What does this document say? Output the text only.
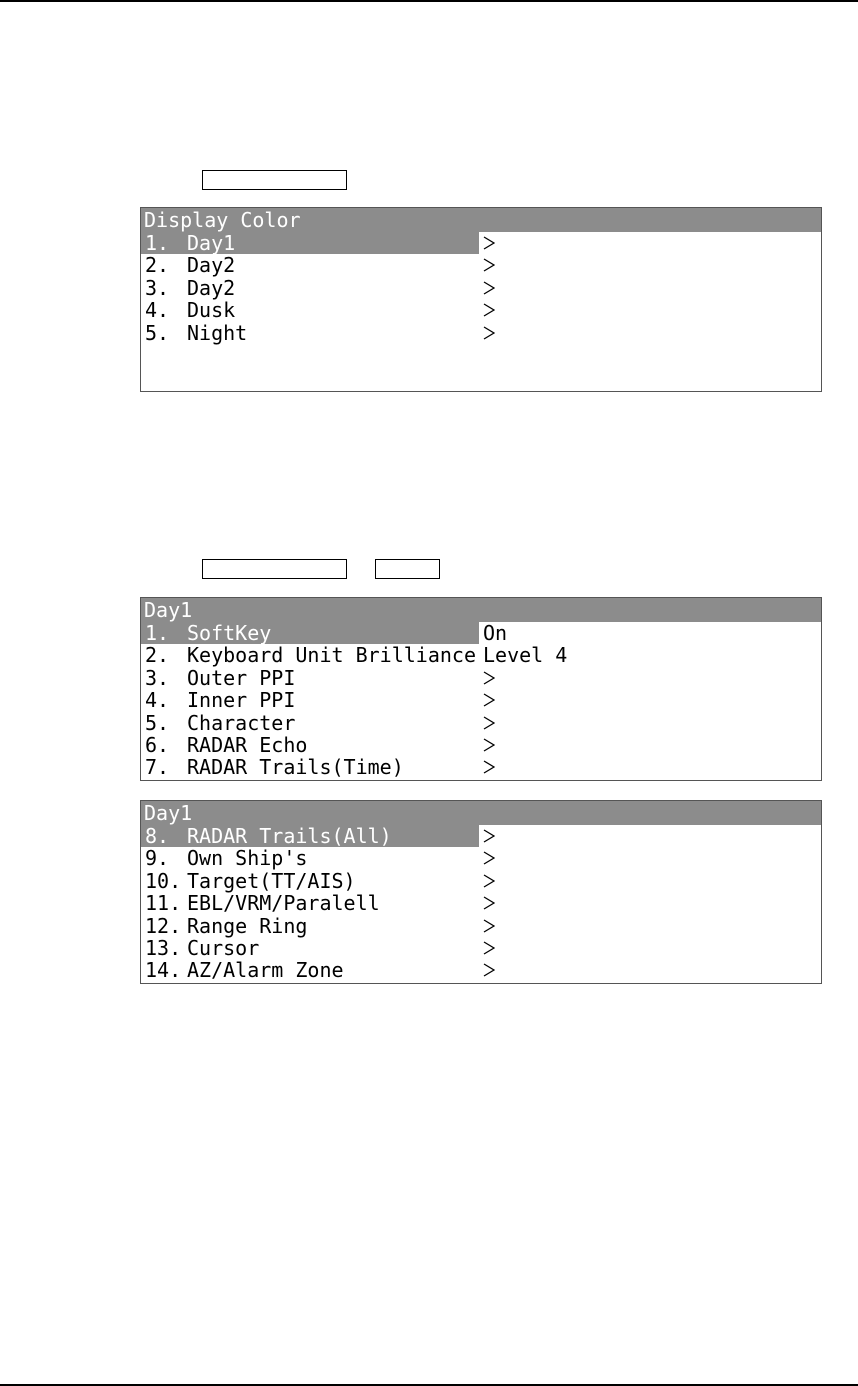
Display Color
1. Day1
2. Day2
3. Day2
4. Dusk
5. Night
Day1
1. SoftKey	On
2. Keyboard Unit Brilliance Level 4
3. Outer PPI
4. Inner PPI
5. Character
6. RADAR Echo
7. RADAR Trails(Time)
Day1
8. RADAR Trails(All)
9. Own Ship's
10. Target(TT/AIS)
11. EBL/VRM/Paralell
12. Range Ring
13. Cursor
14. AZ/Alarm Zone
